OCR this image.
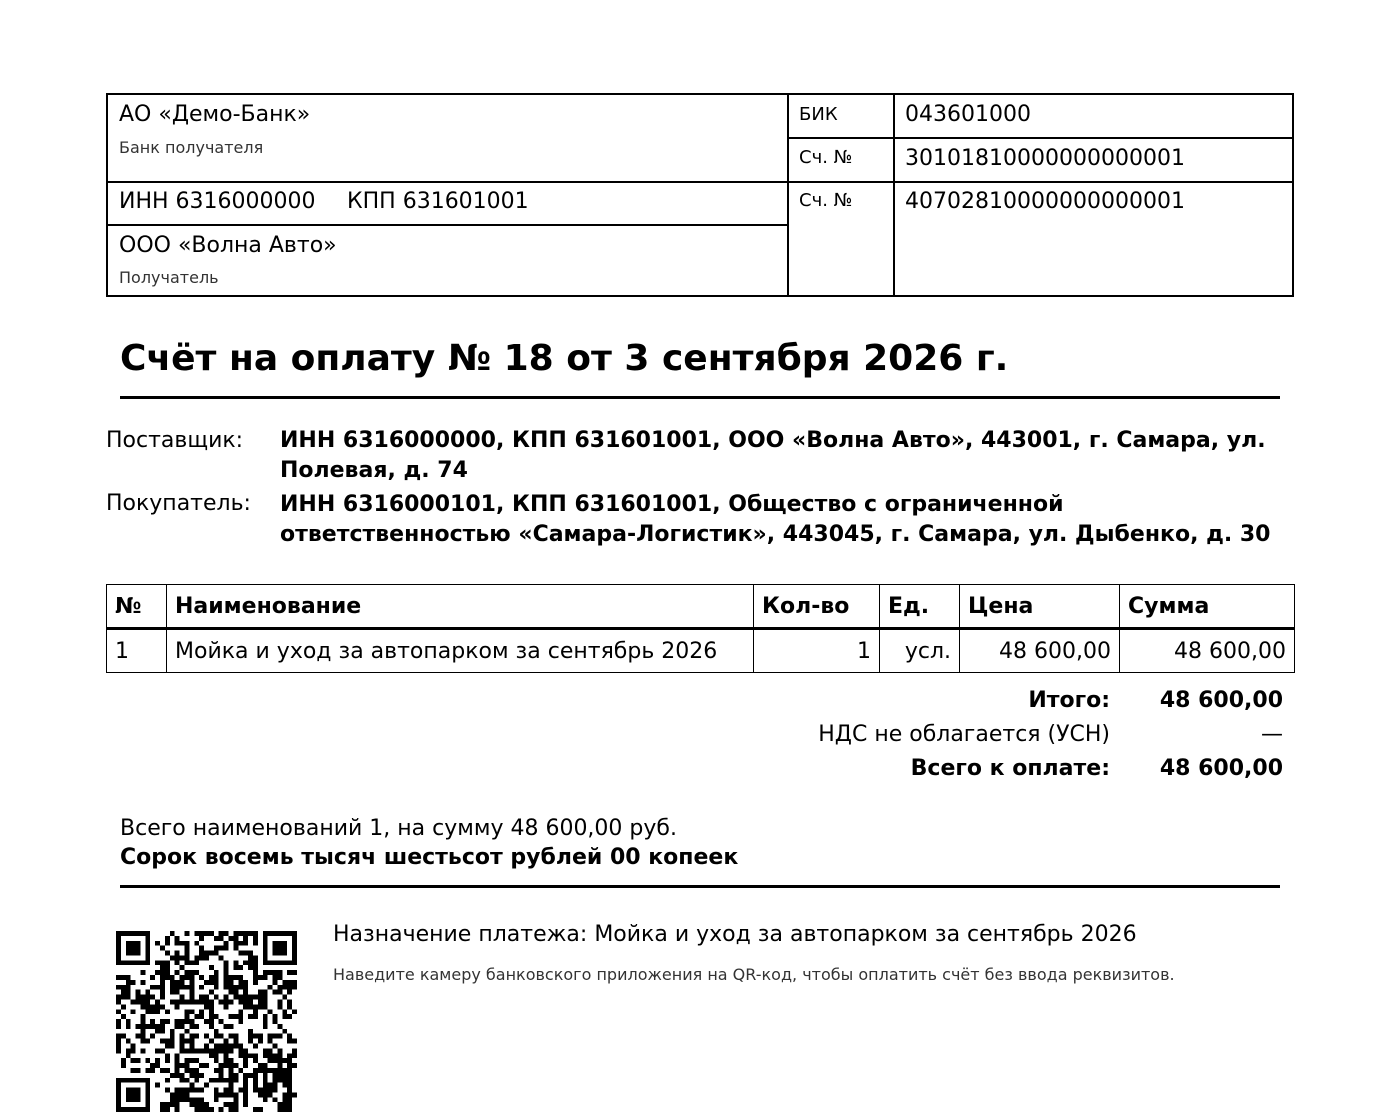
АО «Демо-Банк»
Банк получателя
БИК	043601000
Сч. № 30101810000000000001
ИНН 6316000000 КПП 631601001	Сч. № 40702810000000000001
ООО «Волна Авто»
Получатель
Счёт на оплату № 18 от 3 сентября 2026 г.
Поставщик: ИНН 6316000000, КПП 631601001, ООО «Волна Авто», 443001, г. Самара, ул. Полевая, д. 74
Покупатель: ИНН 6316000101, КПП 631601001, Общество с ограниченной ответственностью «Самара-Логистик», 443045, г. Самара, ул. Дыбенко, д. 30
№	Наименование	Кол-во	Ед.	Цена	Сумма
1	Мойка и уход за автопарком за сентябрь 2026	1	усл.	48 600,00	48 600,00
Итого: 48 600,00
НДС не облагается (УСН)	—
Всего к оплате: 48 600,00
Всего наименований 1, на сумму 48 600,00 руб.
Сорок восемь тысяч шестьсот рублей 00 копеек
Назначение платежа: Мойка и уход за автопарком за сентябрь 2026
Наведите камеру банковского приложения на QR-код, чтобы оплатить счёт без ввода реквизитов.
